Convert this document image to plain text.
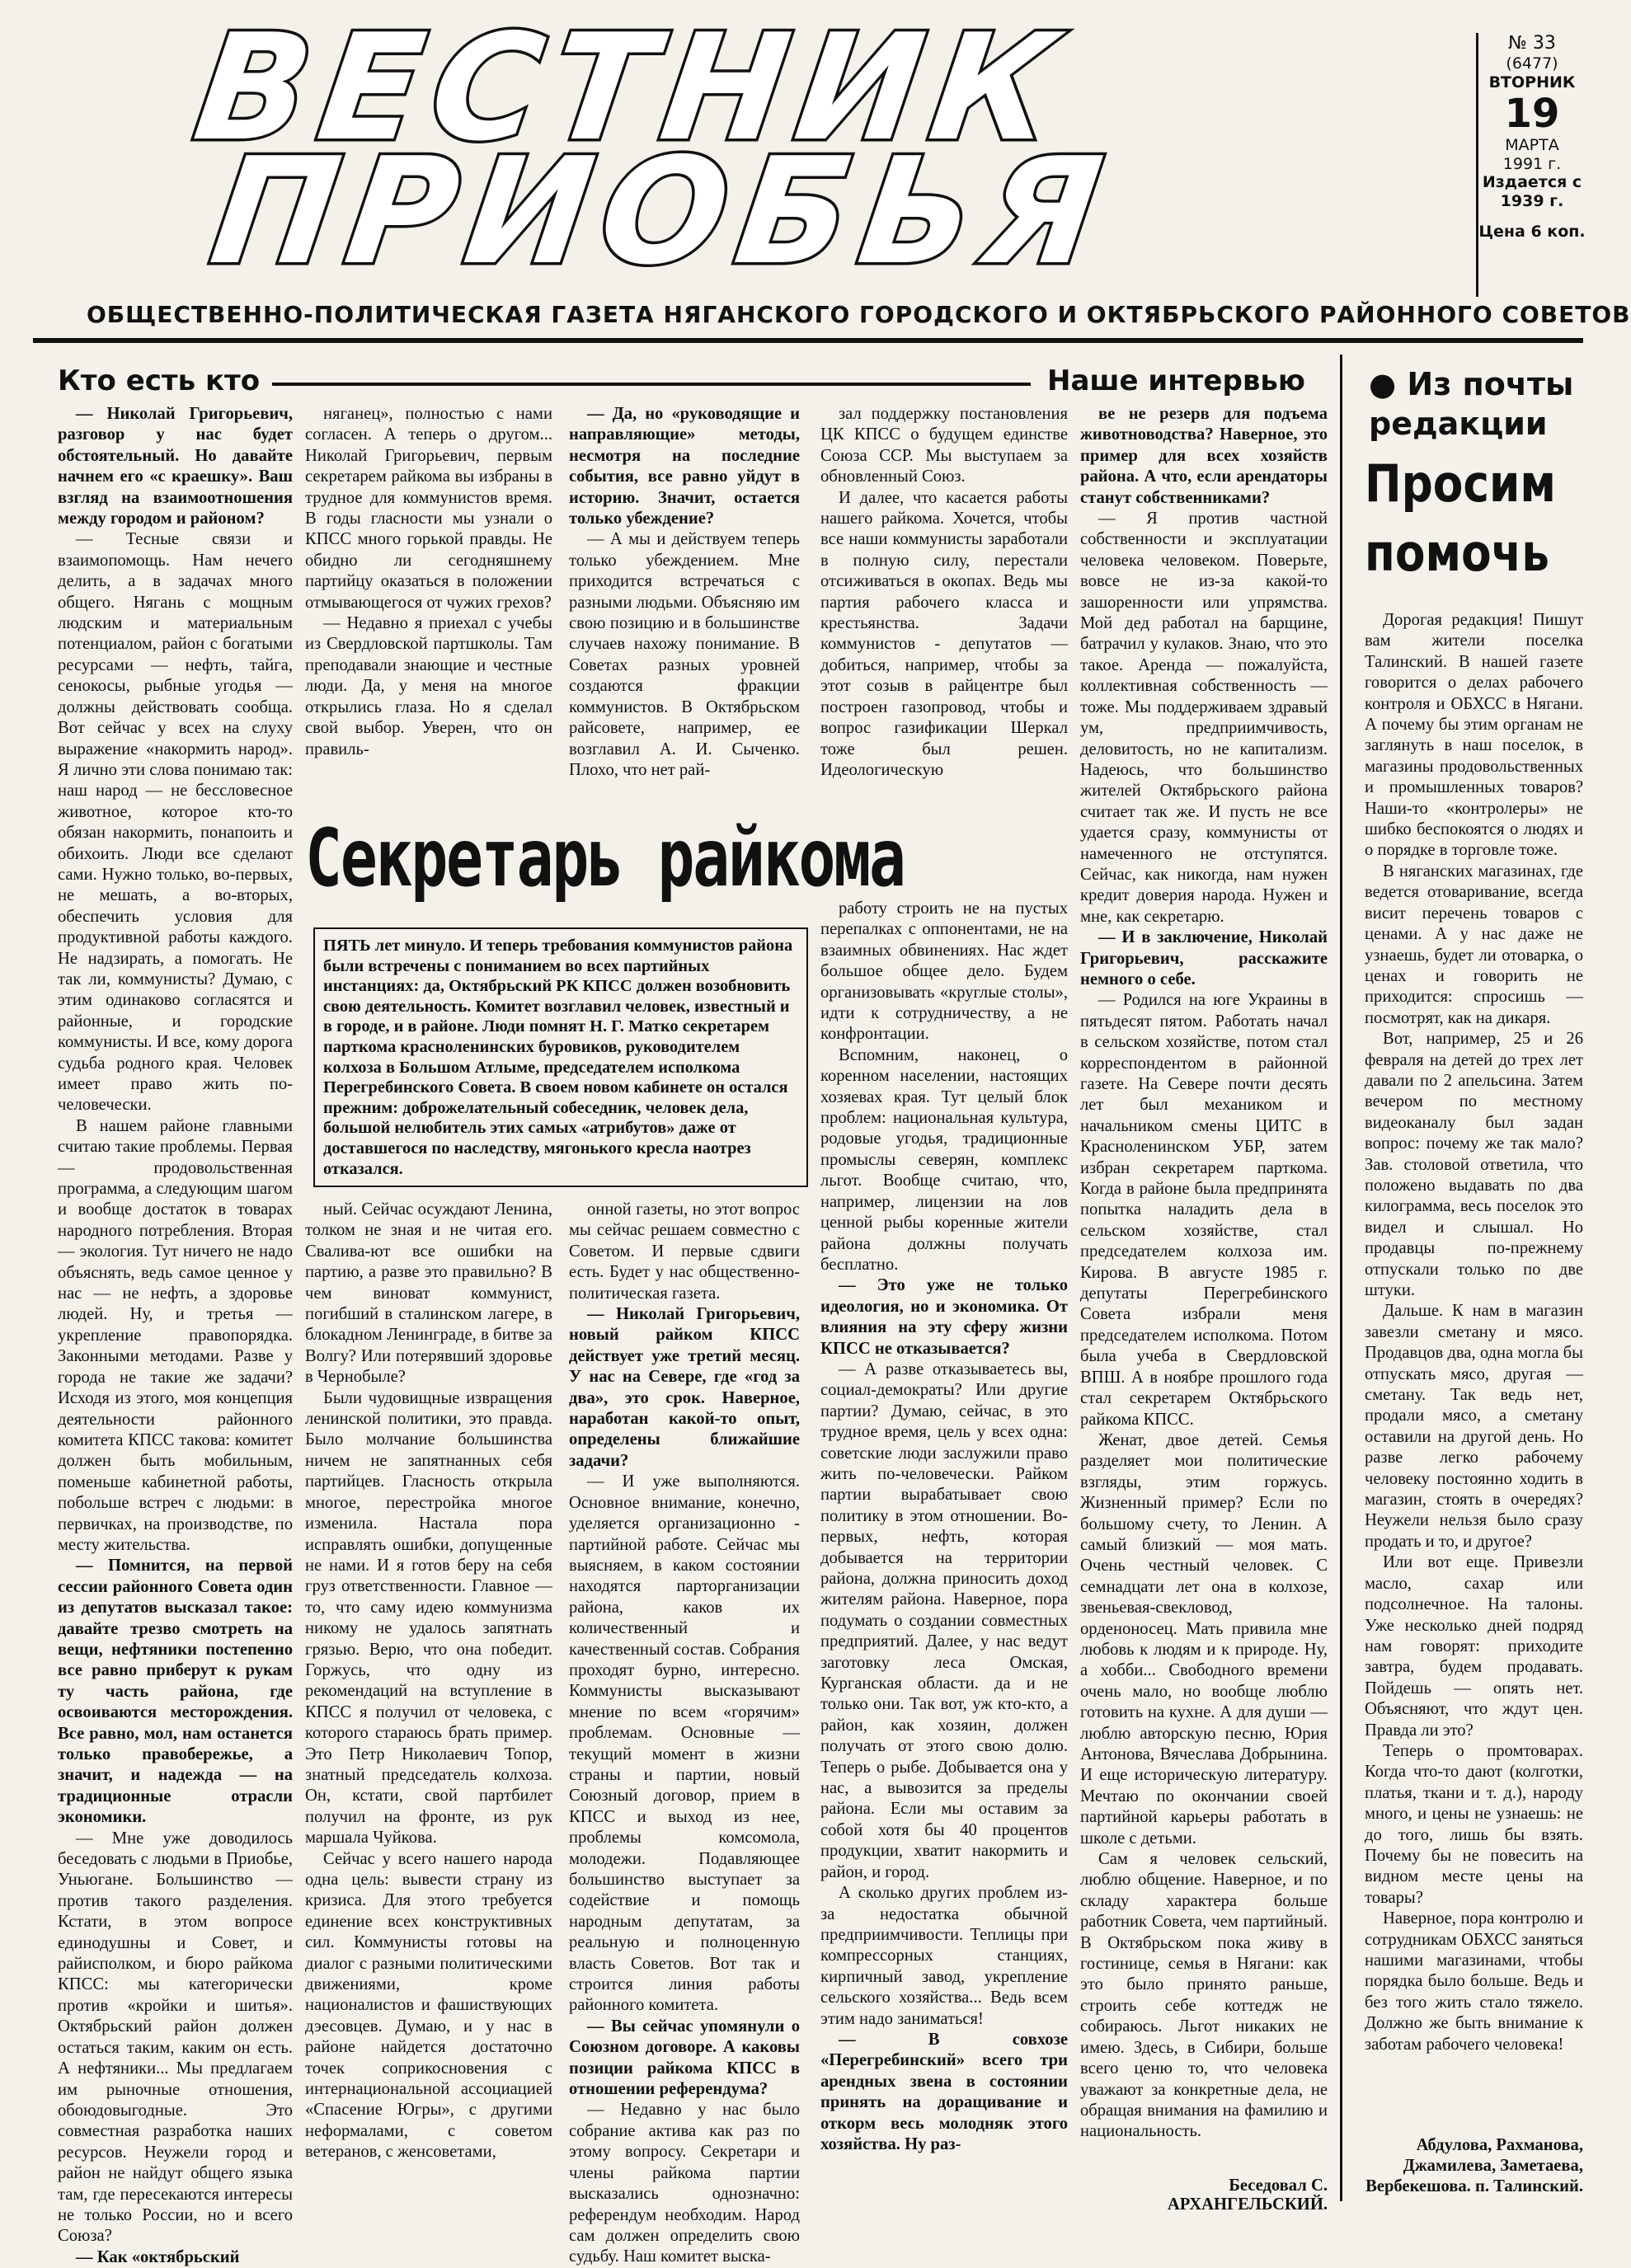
ВЕСТНИК
ПРИОБЬЯ
№ 33
(6477)
ВТОРНИК
19
МАРТА
1991 г.
Издается с 1939 г.
Цена 6 коп.
ОБЩЕСТВЕННО-ПОЛИТИЧЕСКАЯ ГАЗЕТА НЯГАНСКОГО ГОРОДСКОГО И ОКТЯБРЬСКОГО РАЙОННОГО СОВЕТОВ
Кто есть кто	Наше интервью

— Николай Григорьевич, разговор у нас будет обстоятельный. Но давайте начнем его «с краешку». Ваш взгляд на взаимоотношения между городом и районом?

— Тесные связи и взаимопомощь. Нам нечего делить, а в задачах много общего. Нягань с мощным людским и материальным потенциалом, район с богатыми ресурсами — нефть, тайга, сенокосы, рыбные угодья — должны действовать сообща. Вот сейчас у всех на слуху выражение «накормить народ». Я лично эти слова понимаю так: наш народ — не бессловесное животное, которое кто-то обязан накормить, понапоить и обихоить. Люди все сделают сами. Нужно только, во-первых, не мешать, а во-вторых, обеспечить условия для продуктивной работы каждого. Не надзирать, а помогать. Не так ли, коммунисты? Думаю, с этим одинаково согласятся и районные, и городские коммунисты. И все, кому дорога судьба родного края. Человек имеет право жить по-человечески.

В нашем районе главными считаю такие проблемы. Первая — продовольственная программа, а следующим шагом и вообще достаток в товарах народного потребления. Вторая — экология. Тут ничего не надо объяснять, ведь самое ценное у нас — не нефть, а здоровье людей. Ну, и третья — укрепление правопорядка. Законными методами. Разве у города не такие же задачи? Исходя из этого, моя концепция деятельности районного комитета КПСС такова: комитет должен быть мобильным, поменьше кабинетной работы, побольше встреч с людьми: в первичках, на производстве, по месту жительства.

— Помнится, на первой сессии районного Совета один из депутатов высказал такое: давайте трезво смотреть на вещи, нефтяники постепенно все равно приберут к рукам ту часть района, где освоиваются месторождения. Все равно, мол, нам останется только правобережье, а значит, и надежда — на традиционные отрасли экономики.

— Мне уже доводилось беседовать с людьми в Приобье, Уньюгане. Большинство — против такого разделения. Кстати, в этом вопросе единодушны и Совет, и райисполком, и бюро райкома КПСС: мы категорически против «кройки и шитья». Октябрьский район должен остаться таким, каким он есть. А нефтяники... Мы предлагаем им рыночные отношения, обоюдовыгодные. Это совместная разработка наших ресурсов. Неужели город и район не найдут общего языка там, где пересекаются интересы не только России, но и всего Союза?

— Как «октябрьский

няганец», полностью с нами согласен. А теперь о другом... Николай Григорьевич, первым секретарем райкома вы избраны в трудное для коммунистов время. В годы гласности мы узнали о КПСС много горькой правды. Не обидно ли сегодняшнему партийцу оказаться в положении отмывающегося от чужих грехов?

— Недавно я приехал с учебы из Свердловской партшколы. Там преподавали знающие и честные люди. Да, у меня на многое открылись глаза. Но я сделал свой выбор. Уверен, что он правиль-

— Да, но «руководящие и направляющие» методы, несмотря на последние события, все равно уйдут в историю. Значит, остается только убеждение?

— А мы и действуем теперь только убеждением. Мне приходится встречаться с разными людьми. Объясняю им свою позицию и в большинстве случаев нахожу понимание. В Советах разных уровней создаются фракции коммунистов. В Октябрьском райсовете, например, ее возглавил А. И. Сыченко. Плохо, что нет рай-

зал поддержку постановления ЦК КПСС о будущем единстве Союза ССР. Мы выступаем за обновленный Союз.

И далее, что касается работы нашего райкома. Хочется, чтобы все наши коммунисты заработали в полную силу, перестали отсиживаться в окопах. Ведь мы партия рабочего класса и крестьянства. Задачи коммунистов - депутатов — добиться, например, чтобы за этот созыв в райцентре был построен газопровод, чтобы и вопрос газификации Шеркал тоже был решен. Идеологическую

Секретарь райкома

ПЯТЬ лет минуло. И теперь требования коммунистов района были встречены с пониманием во всех партийных инстанциях: да, Октябрьский РК КПСС должен возобновить свою деятельность. Комитет возглавил человек, известный и в городе, и в районе. Люди помнят Н. Г. Матко секретарем парткома красноленинских буровиков, руководителем колхоза в Большом Атлыме, председателем исполкома Перегребинского Совета. В своем новом кабинете он остался прежним: доброжелательный собеседник, человек дела, большой нелюбитель этих самых «атрибутов» даже от доставшегося по наследству, мягонького кресла наотрез отказался.

ный. Сейчас осуждают Ленина, толком не зная и не читая его. Свалива-ют все ошибки на партию, а разве это правильно? В чем виноват коммунист, погибший в сталинском лагере, в блокадном Ленинграде, в битве за Волгу? Или потерявший здоровье в Чернобыле?

Были чудовищные извращения ленинской политики, это правда. Было молчание большинства ничем не запятнанных себя партийцев. Гласность открыла многое, перестройка многое изменила. Настала пора исправлять ошибки, допущенные не нами. И я готов беру на себя груз ответственности. Главное — то, что саму идею коммунизма никому не удалось запятнать грязью. Верю, что она победит. Горжусь, что одну из рекомендаций на вступление в КПСС я получил от человека, с которого стараюсь брать пример. Это Петр Николаевич Топор, знатный председатель колхоза. Он, кстати, свой партбилет получил на фронте, из рук маршала Чуйкова.

Сейчас у всего нашего народа одна цель: вывести страну из кризиса. Для этого требуется единение всех конструктивных сил. Коммунисты готовы на диалог с разными политическими движениями, кроме националистов и фашиствующих дэесовцев. Думаю, и у нас в районе найдется достаточно точек соприкосновения с интернациональной ассоциацией «Спасение Югры», с другими неформалами, с советом ветеранов, с женсоветами,

онной газеты, но этот вопрос мы сейчас решаем совместно с Советом. И первые сдвиги есть. Будет у нас общественно-политическая газета.

— Николай Григорьевич, новый райком КПСС действует уже третий месяц. У нас на Севере, где «год за два», это срок. Наверное, наработан какой-то опыт, определены ближайшие задачи?

— И уже выполняются. Основное внимание, конечно, уделяется организационно - партийной работе. Сейчас мы выясняем, в каком состоянии находятся парторганизации района, каков их количественный и качественный состав. Собрания проходят бурно, интересно. Коммунисты высказывают мнение по всем «горячим» проблемам. Основные — текущий момент в жизни страны и партии, новый Союзный договор, прием в КПСС и выход из нее, проблемы комсомола, молодежи. Подавляющее большинство выступает за содействие и помощь народным депутатам, за реальную и полноценную власть Советов. Вот так и строится линия работы районного комитета.

— Вы сейчас упомянули о Союзном договоре. А каковы позиции райкома КПСС в отношении референдума?

— Недавно у нас было собрание актива как раз по этому вопросу. Секретари и члены райкома партии высказались однозначно: референдум необходим. Народ сам должен определить свою судьбу. Наш комитет выска-

работу строить не на пустых перепалках с оппонентами, не на взаимных обвинениях. Нас ждет большое общее дело. Будем организовывать «круглые столы», идти к сотрудничеству, а не конфронтации.

Вспомним, наконец, о коренном населении, настоящих хозяевах края. Тут целый блок проблем: национальная культура, родовые угодья, традиционные промыслы северян, комплекс льгот. Вообще считаю, что, например, лицензии на лов ценной рыбы коренные жители района должны получать бесплатно.

— Это уже не только идеология, но и экономика. От влияния на эту сферу жизни КПСС не отказывается?

— А разве отказываетесь вы, социал-демократы? Или другие партии? Думаю, сейчас, в это трудное время, цель у всех одна: советские люди заслужили право жить по-человечески. Райком партии вырабатывает свою политику в этом отношении. Во-первых, нефть, которая добывается на территории района, должна приносить доход жителям района. Наверное, пора подумать о создании совместных предприятий. Далее, у нас ведут заготовку леса Омская, Курганская области. да и не только они. Так вот, уж кто-кто, а район, как хозяин, должен получать от этого свою долю. Теперь о рыбе. Добывается она у нас, а вывозится за пределы района. Если мы оставим за собой хотя бы 40 процентов продукции, хватит накормить и район, и город.

А сколько других проблем из-за недостатка обычной предприимчивости. Теплицы при компрессорных станциях, кирпичный завод, укрепление сельского хозяйства... Ведь всем этим надо заниматься!

— В совхозе «Перегребинский» всего три арендных звена в состоянии принять на доращивание и откорм весь молодняк этого хозяйства. Ну раз-

ве не резерв для подъема животноводства? Наверное, это пример для всех хозяйств района. А что, если арендаторы станут собственниками?

— Я против частной собственности и эксплуатации человека человеком. Поверьте, вовсе не из-за какой-то зашоренности или упрямства. Мой дед работал на барщине, батрачил у кулаков. Знаю, что это такое. Аренда — пожалуйста, коллективная собственность — тоже. Мы поддерживаем здравый ум, предприимчивость, деловитость, но не капитализм. Надеюсь, что большинство жителей Октябрьского района считает так же. И пусть не все удается сразу, коммунисты от намеченного не отступятся. Сейчас, как никогда, нам нужен кредит доверия народа. Нужен и мне, как секретарю.

— И в заключение, Николай Григорьевич, расскажите немного о себе.

— Родился на юге Украины в пятьдесят пятом. Работать начал в сельском хозяйстве, потом стал корреспондентом в районной газете. На Севере почти десять лет был механиком и начальником смены ЦИТС в Красноленинском УБР, затем избран секретарем парткома. Когда в районе была предпринята попытка наладить дела в сельском хозяйстве, стал председателем колхоза им. Кирова. В августе 1985 г. депутаты Перегребинского Совета избрали меня председателем исполкома. Потом была учеба в Свердловской ВПШ. А в ноябре прошлого года стал секретарем Октябрьского райкома КПСС.

Женат, двое детей. Семья разделяет мои политические взгляды, этим горжусь. Жизненный пример? Если по большому счету, то Ленин. А самый близкий — моя мать. Очень честный человек. С семнадцати лет она в колхозе, звеньевая-свекловод, орденоносец. Мать привила мне любовь к людям и к природе. Ну, а хобби... Свободного времени очень мало, но вообще люблю готовить на кухне. А для души — люблю авторскую песню, Юрия Антонова, Вячеслава Добрынина. И еще историческую литературу. Мечтаю по окончании своей партийной карьеры работать в школе с детьми.

Сам я человек сельский, люблю общение. Наверное, и по складу характера больше работник Совета, чем партийный. В Октябрьском пока живу в гостинице, семья в Нягани: как это было принято раньше, строить себе коттедж не собираюсь. Льгот никаких не имею. Здесь, в Сибири, больше всего ценю то, что человека уважают за конкретные дела, не обращая внимания на фамилию и национальность.

Беседовал С. АРХАНГЕЛЬСКИЙ.
● Из почты редакции
Просим помочь

Дорогая редакция! Пишут вам жители поселка Талинский. В нашей газете говорится о делах рабочего контроля и ОБХСС в Нягани. А почему бы этим органам не заглянуть в наш поселок, в магазины продовольственных и промышленных товаров? Наши-то «контролеры» не шибко беспокоятся о людях и о порядке в торговле тоже.

В няганских магазинах, где ведется отоваривание, всегда висит перечень товаров с ценами. А у нас даже не узнаешь, будет ли отоварка, о ценах и говорить не приходится: спросишь — посмотрят, как на дикаря.

Вот, например, 25 и 26 февраля на детей до трех лет давали по 2 апельсина. Затем вечером по местному видеоканалу был задан вопрос: почему же так мало? Зав. столовой ответила, что положено выдавать по два килограмма, весь поселок это видел и слышал. Но продавцы по-прежнему отпускали только по две штуки.

Дальше. К нам в магазин завезли сметану и мясо. Продавцов два, одна могла бы отпускать мясо, другая — сметану. Так ведь нет, продали мясо, а сметану оставили на другой день. Но разве легко рабочему человеку постоянно ходить в магазин, стоять в очередях? Неужели нельзя было сразу продать и то, и другое?

Или вот еще. Привезли масло, сахар или подсолнечное. На талоны. Уже несколько дней подряд нам говорят: приходите завтра, будем продавать. Пойдешь — опять нет. Объясняют, что ждут цен. Правда ли это?

Теперь о промтоварах. Когда что-то дают (колготки, платья, ткани и т. д.), народу много, и цены не узнаешь: не до того, лишь бы взять. Почему бы не повесить на видном месте цены на товары?

Наверное, пора контролю и сотрудникам ОБХСС заняться нашими магазинами, чтобы порядка было больше. Ведь и без того жить стало тяжело. Должно же быть внимание к заботам рабочего человека!

Абдулова, Рахманова, Джамилева, Заметаева, Вербекешова. п. Талинский.
